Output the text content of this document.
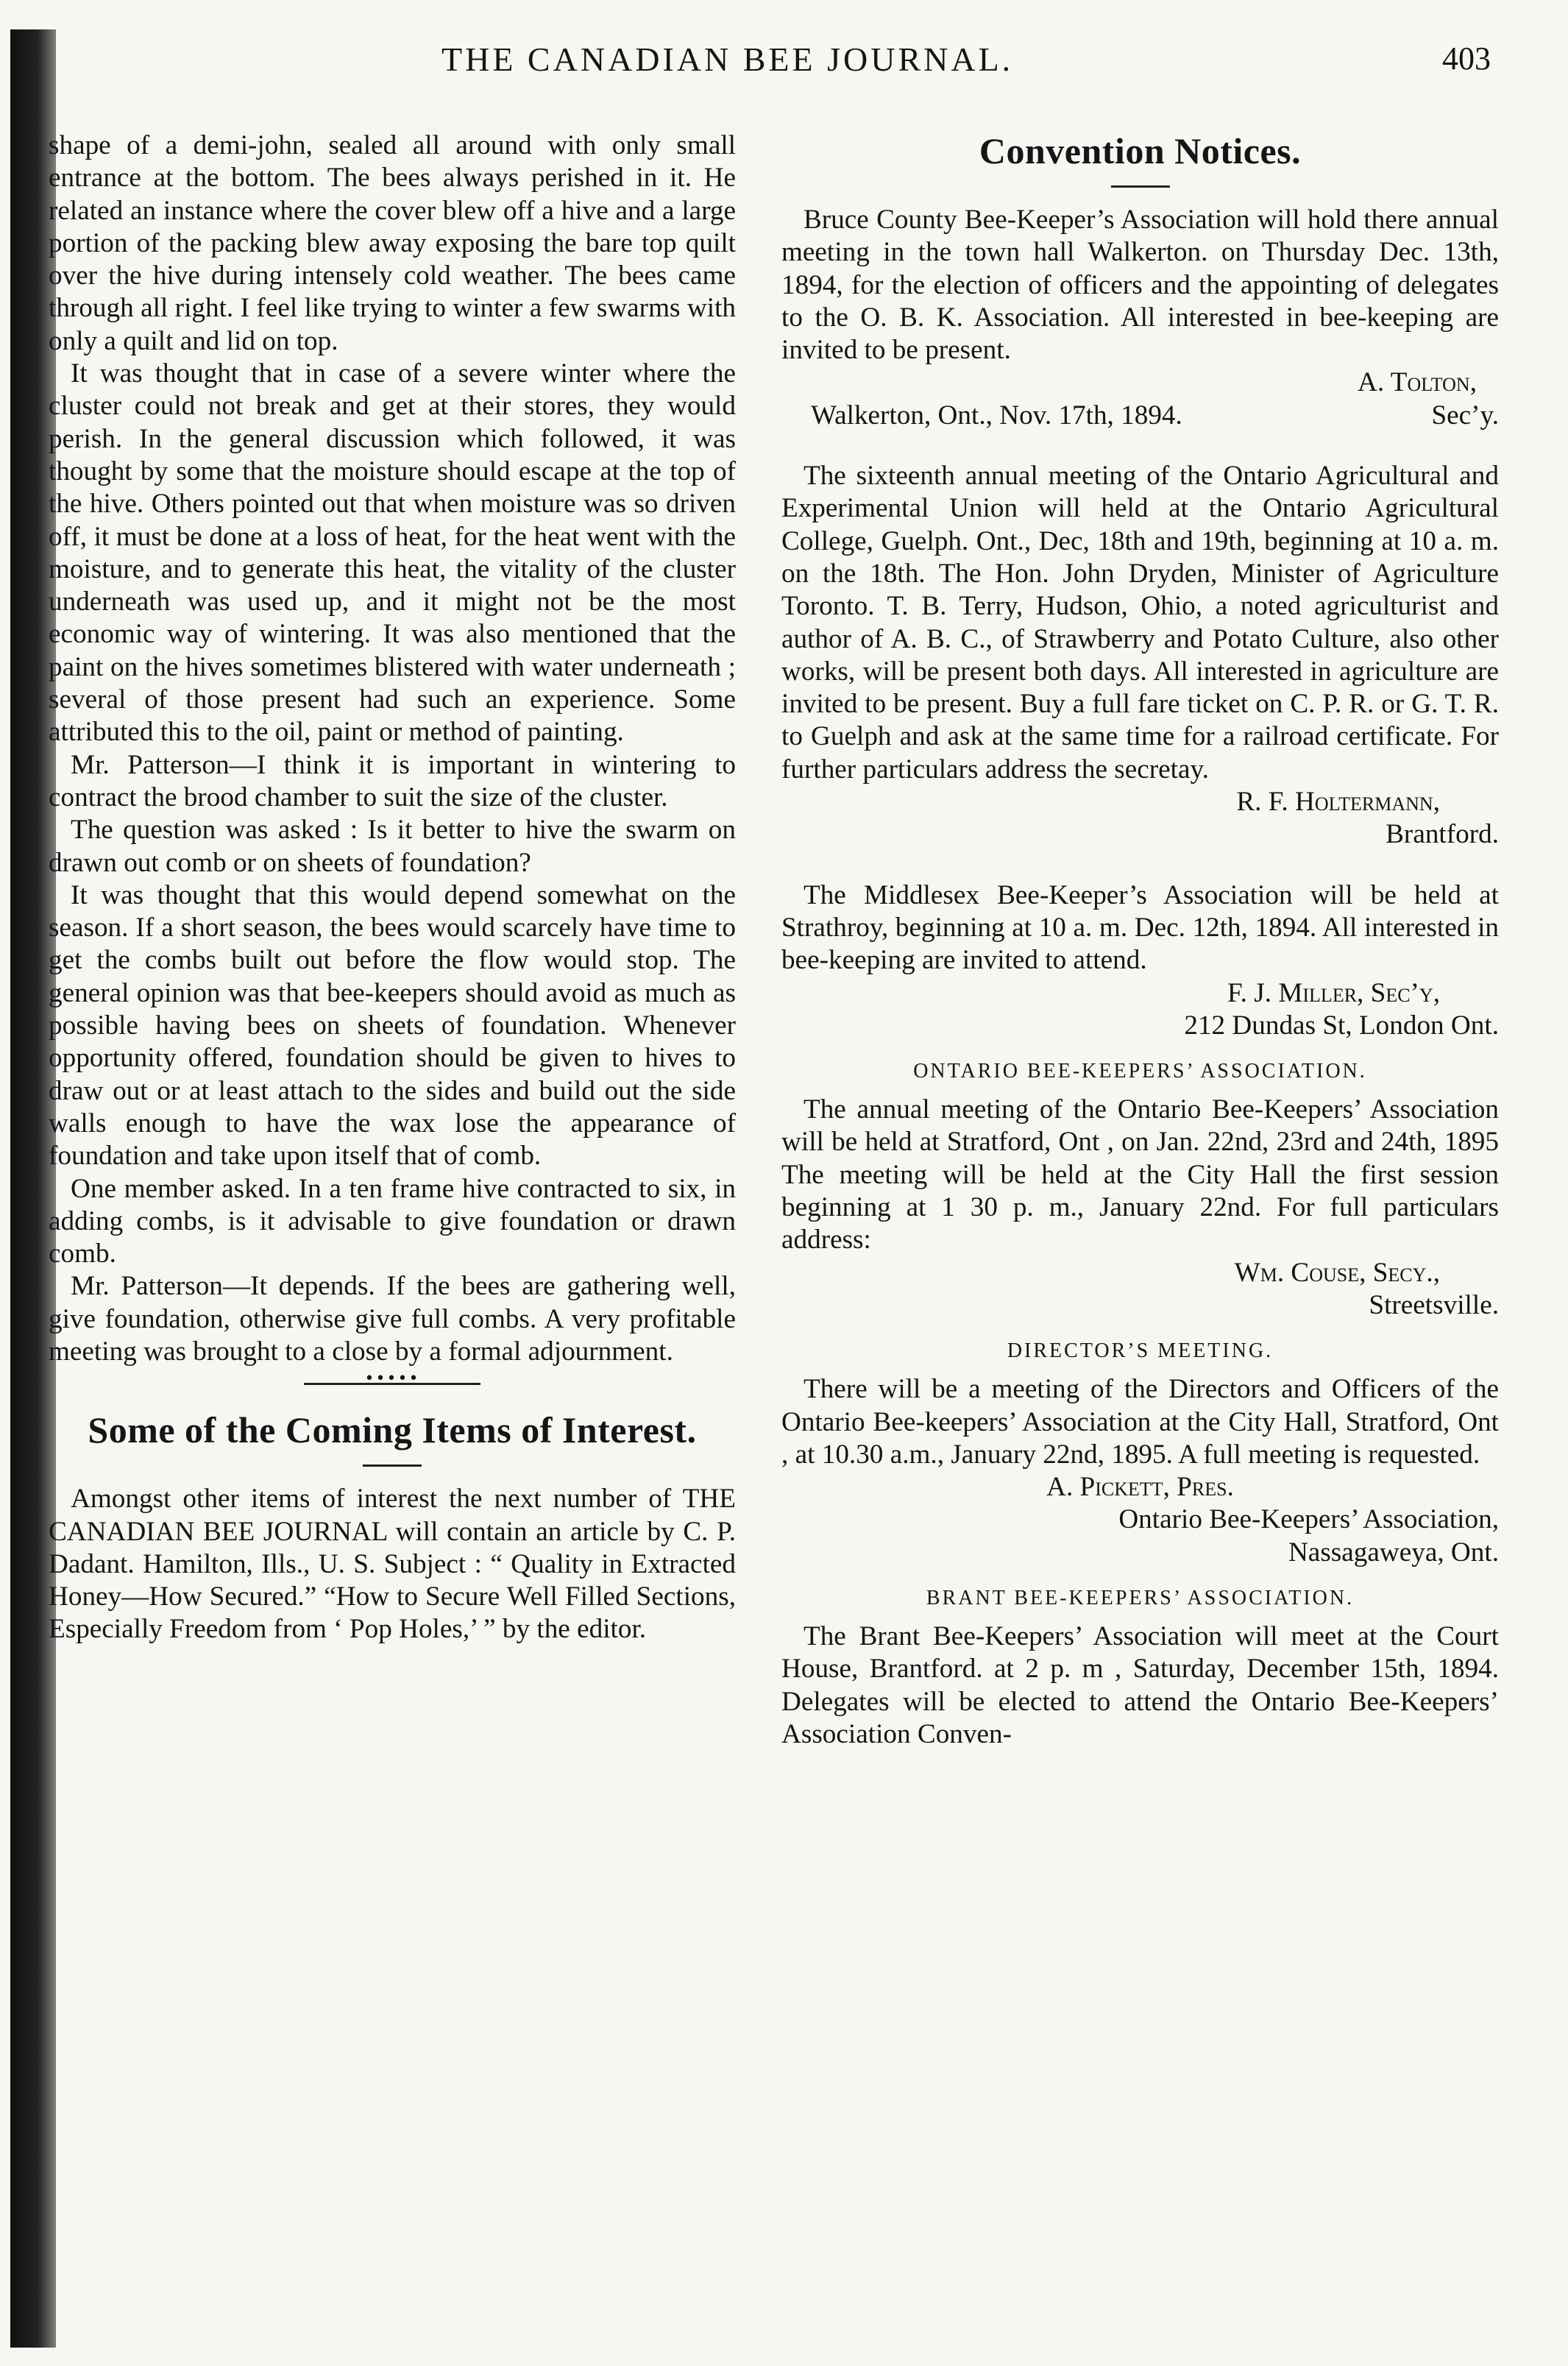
THE CANADIAN BEE JOURNAL.	403

shape of a demi-john, sealed all around with only small entrance at the bottom. The bees always perished in it. He related an instance where the cover blew off a hive and a large portion of the packing blew away exposing the bare top quilt over the hive during intensely cold weather. The bees came through all right. I feel like trying to winter a few swarms with only a quilt and lid on top.

It was thought that in case of a severe winter where the cluster could not break and get at their stores, they would perish. In the general discussion which followed, it was thought by some that the moisture should escape at the top of the hive. Others pointed out that when moisture was so driven off, it must be done at a loss of heat, for the heat went with the moisture, and to generate this heat, the vitality of the cluster underneath was used up, and it might not be the most economic way of wintering. It was also mentioned that the paint on the hives sometimes blistered with water underneath ; several of those present had such an experience. Some attributed this to the oil, paint or method of painting.

Mr. Patterson—I think it is important in wintering to contract the brood chamber to suit the size of the cluster.

The question was asked : Is it better to hive the swarm on drawn out comb or on sheets of foundation?

It was thought that this would depend somewhat on the season. If a short season, the bees would scarcely have time to get the combs built out before the flow would stop. The general opinion was that bee-keepers should avoid as much as possible having bees on sheets of foundation. Whenever opportunity offered, foundation should be given to hives to draw out or at least attach to the sides and build out the side walls enough to have the wax lose the appearance of foundation and take upon itself that of comb.

One member asked. In a ten frame hive contracted to six, in adding combs, is it advisable to give foundation or drawn comb.

Mr. Patterson—It depends. If the bees are gathering well, give foundation, otherwise give full combs. A very profitable meeting was brought to a close by a formal adjournment.

•••••
Some of the Coming Items of Interest.

Amongst other items of interest the next number of THE CANADIAN BEE JOURNAL will contain an article by C. P. Dadant. Hamilton, Ills., U. S. Subject : “ Quality in Extracted Honey—How Secured.” “How to Secure Well Filled Sections, Especially Freedom from ‘ Pop Holes,’ ” by the editor.

Convention Notices.

Bruce County Bee-Keeper’s Association will hold there annual meeting in the town hall Walkerton. on Thursday Dec. 13th, 1894, for the election of officers and the appointing of delegates to the O. B. K. Association. All interested in bee-keeping are invited to be present.

A. Tolton,
Walkerton, Ont., Nov. 17th, 1894.	Sec’y.

The sixteenth annual meeting of the Ontario Agricultural and Experimental Union will held at the Ontario Agricultural College, Guelph. Ont., Dec, 18th and 19th, beginning at 10 a. m. on the 18th. The Hon. John Dryden, Minister of Agriculture Toronto. T. B. Terry, Hudson, Ohio, a noted agriculturist and author of A. B. C., of Strawberry and Potato Culture, also other works, will be present both days. All interested in agriculture are invited to be present. Buy a full fare ticket on C. P. R. or G. T. R. to Guelph and ask at the same time for a railroad certificate. For further particulars address the secretay.

R. F. Holtermann,
Brantford.

The Middlesex Bee-Keeper’s Association will be held at Strathroy, beginning at 10 a. m. Dec. 12th, 1894. All interested in bee-keeping are invited to attend.

F. J. Miller, Sec’y,
212 Dundas St, London Ont.
ONTARIO BEE-KEEPERS’ ASSOCIATION.

The annual meeting of the Ontario Bee-Keepers’ Association will be held at Stratford, Ont , on Jan. 22nd, 23rd and 24th, 1895 The meeting will be held at the City Hall the first session beginning at 1 30 p. m., January 22nd. For full particulars address:

Wm. Couse, Secy.,
Streetsville.
DIRECTOR’S MEETING.

There will be a meeting of the Directors and Officers of the Ontario Bee-keepers’ Association at the City Hall, Stratford, Ont , at 10.30 a.m., January 22nd, 1895. A full meeting is requested.

A. Pickett, Pres.
Ontario Bee-Keepers’ Association,
Nassagaweya, Ont.
BRANT BEE-KEEPERS’ ASSOCIATION.

The Brant Bee-Keepers’ Association will meet at the Court House, Brantford. at 2 p. m , Saturday, December 15th, 1894. Delegates will be elected to attend the Ontario Bee-Keepers’ Association Conven-
